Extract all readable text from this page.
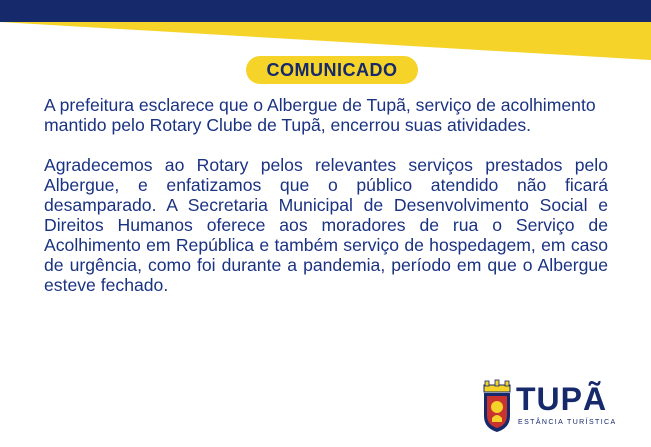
COMUNICADO

A prefeitura esclarece que o Albergue de Tupã, serviço de acolhimento mantido pelo Rotary Clube de Tupã, encerrou suas atividades.

Agradecemos ao Rotary pelos relevantes serviços prestados pelo Albergue, e enfatizamos que o público atendido não ficará desamparado. A Secretaria Municipal de Desenvolvimento Social e Direitos Humanos oferece aos moradores de rua o Serviço de Acolhimento em República e também serviço de hospedagem, em caso de urgência, como foi durante a pandemia, período em que o Albergue esteve fechado.

TUPÃ
ESTÂNCIA TURÍSTICA
